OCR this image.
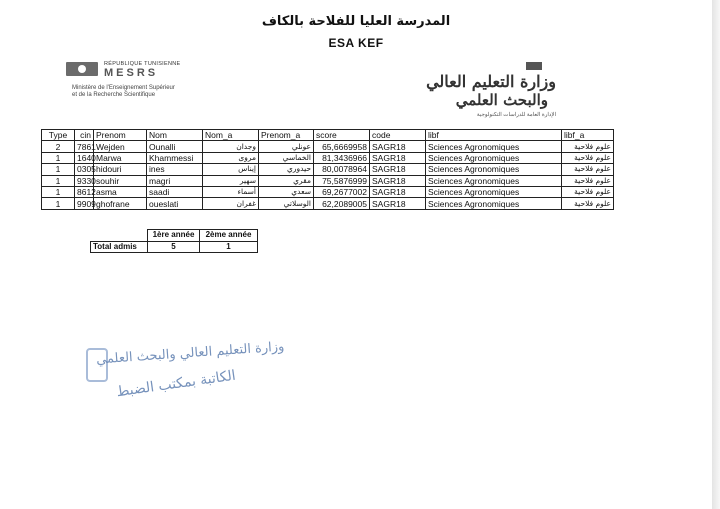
المدرسة العليا للفلاحة بالكاف
ESA KEF
RÉPUBLIQUE TUNISIENNE
MESRS
Ministère de l'Enseignement Supérieur
et de la Recherche Scientifique
وزارة التعليم العالي
والبحث العلمي
الإدارة العامة للدراسات التكنولوجية
Type	cin	Prenom	Nom	Nom_a	Prenom_a	score	code	libf	libf_a
2	7861	Wejden	Ounalli	وجدان	عونلي	65,6669958	SAGR18	Sciences Agronomiques	علوم فلاحية
1	1640	Marwa	Khammessi	مروى	الخماسي	81,3436966	SAGR18	Sciences Agronomiques	علوم فلاحية
1	0305	hidouri	ines	إيناس	حيدوري	80,0078964	SAGR18	Sciences Agronomiques	علوم فلاحية
1	9330	souhir	magri	سهير	مقري	75,5876999	SAGR18	Sciences Agronomiques	علوم فلاحية
1	8612	asma	saadi	أسماء	سعدي	69,2677002	SAGR18	Sciences Agronomiques	علوم فلاحية
1	9909	ghofrane	oueslati	غفران	الوسلاتي	62,2089005	SAGR18	Sciences Agronomiques	علوم فلاحية
	1ère année	2ème année
Total admis	5	1
وزارة التعليم العالي والبحث العلمي
الكاتبة بمكتب الضبط
